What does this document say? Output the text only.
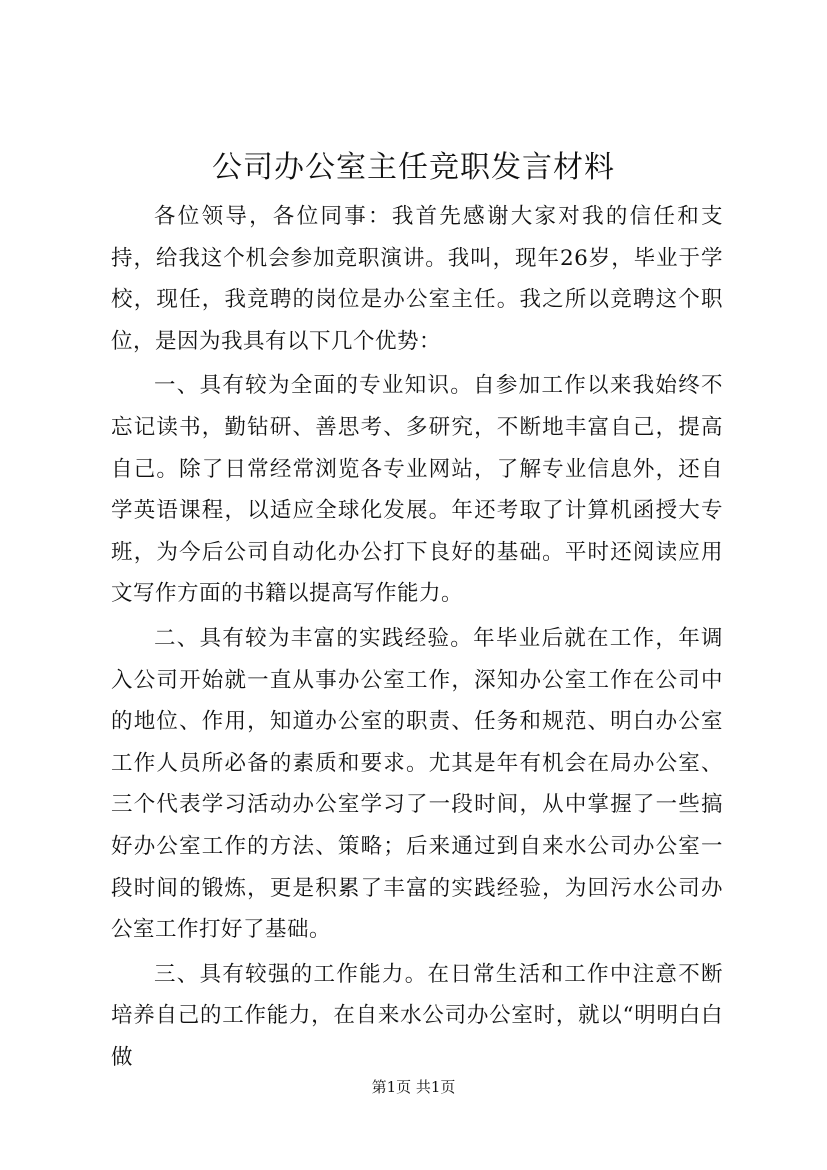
公司办公室主任竞职发言材料

各位领导，各位同事：我首先感谢大家对我的信任和支持，给我这个机会参加竞职演讲。我叫，现年26岁，毕业于学校，现任，我竞聘的岗位是办公室主任。我之所以竞聘这个职位，是因为我具有以下几个优势：

一、具有较为全面的专业知识。自参加工作以来我始终不忘记读书，勤钻研、善思考、多研究，不断地丰富自己，提高自己。除了日常经常浏览各专业网站，了解专业信息外，还自学英语课程，以适应全球化发展。年还考取了计算机函授大专班，为今后公司自动化办公打下良好的基础。平时还阅读应用文写作方面的书籍以提高写作能力。

二、具有较为丰富的实践经验。年毕业后就在工作，年调入公司开始就一直从事办公室工作，深知办公室工作在公司中的地位、作用，知道办公室的职责、任务和规范、明白办公室工作人员所必备的素质和要求。尤其是年有机会在局办公室、三个代表学习活动办公室学习了一段时间，从中掌握了一些搞好办公室工作的方法、策略；后来通过到自来水公司办公室一段时间的锻炼，更是积累了丰富的实践经验，为回污水公司办公室工作打好了基础。

三、具有较强的工作能力。在日常生活和工作中注意不断培养自己的工作能力，在自来水公司办公室时，就以“明明白白做

第1页 共1页
